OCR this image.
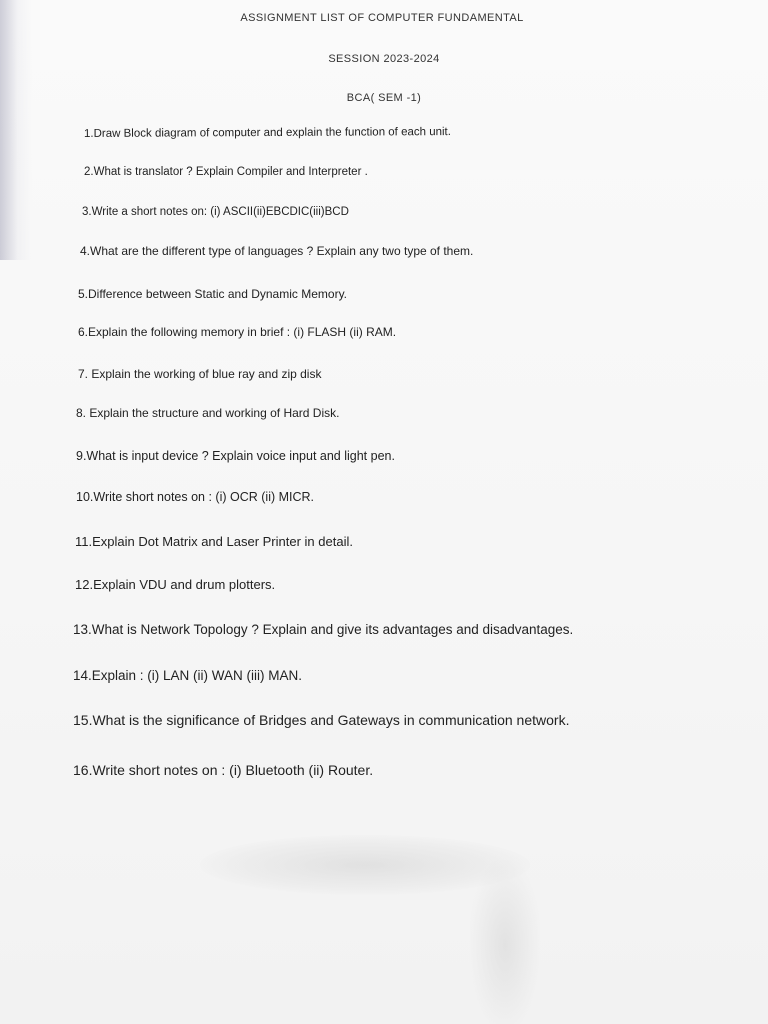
ASSIGNMENT LIST OF COMPUTER FUNDAMENTAL
SESSION 2023-2024
BCA( SEM -1)
1.Draw Block diagram of computer and explain the function of each unit.
2.What is translator ? Explain Compiler and Interpreter .
3.Write a short notes on: (i) ASCII(ii)EBCDIC(iii)BCD
4.What are the different type of languages ? Explain any two type of them.
5.Difference between Static and Dynamic Memory.
6.Explain the following memory in brief : (i) FLASH (ii) RAM.
7. Explain the working of blue ray and zip disk
8. Explain the structure and working of Hard Disk.
9.What is input device ? Explain voice input and light pen.
10.Write short notes on : (i) OCR (ii) MICR.
11.Explain Dot Matrix and Laser Printer in detail.
12.Explain VDU and drum plotters.
13.What is Network Topology ? Explain and give its advantages and disadvantages.
14.Explain : (i) LAN (ii) WAN (iii) MAN.
15.What is the significance of Bridges and Gateways in communication network.
16.Write short notes on : (i) Bluetooth (ii) Router.
